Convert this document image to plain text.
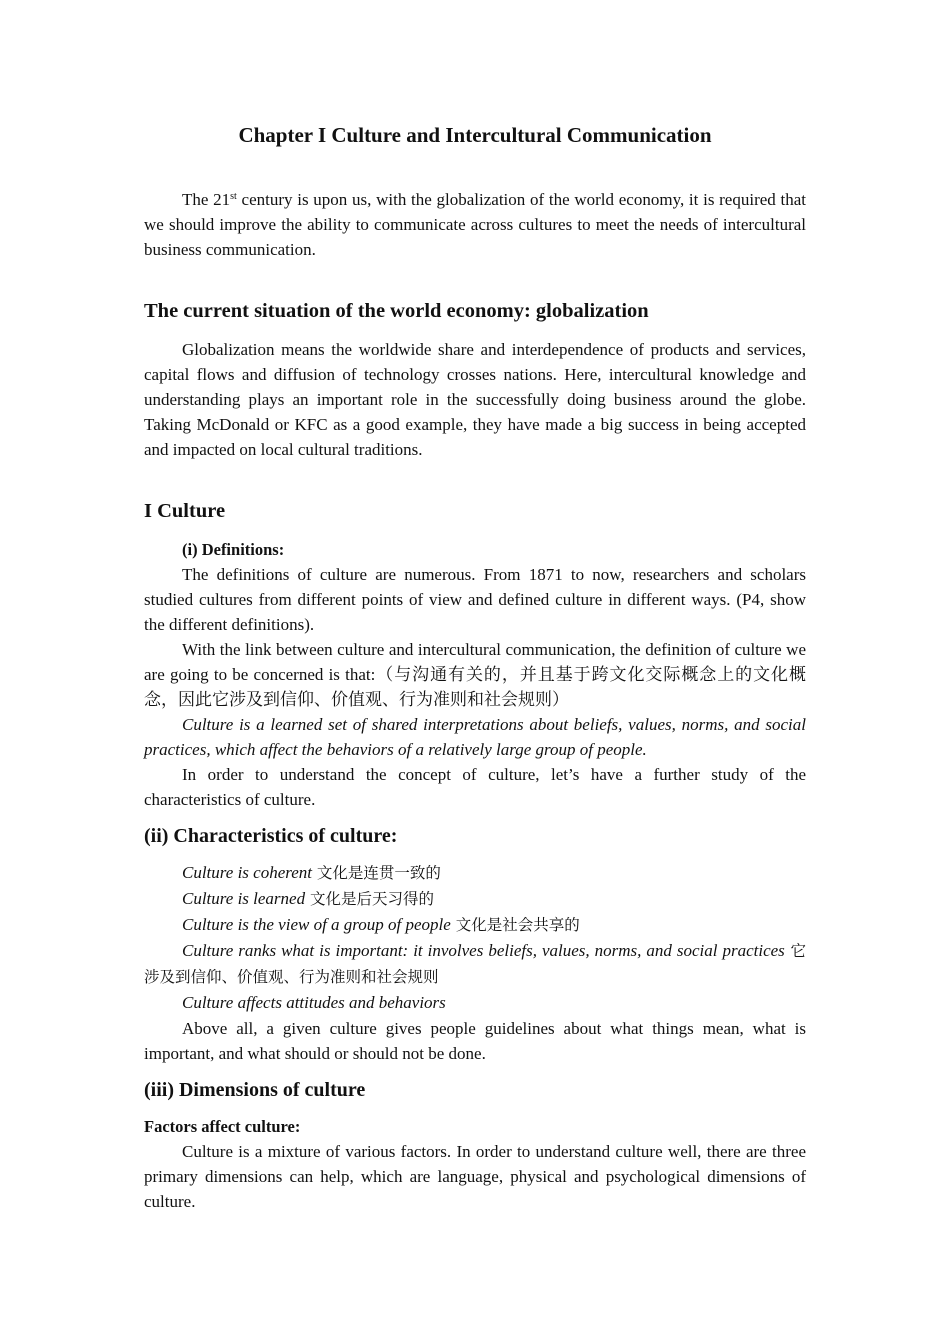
Chapter I Culture and Intercultural Communication

The 21st century is upon us, with the globalization of the world economy, it is required that we should improve the ability to communicate across cultures to meet the needs of intercultural business communication.

The current situation of the world economy: globalization

Globalization means the worldwide share and interdependence of products and services, capital flows and diffusion of technology crosses nations. Here, intercultural knowledge and understanding plays an important role in the successfully doing business around the globe. Taking McDonald or KFC as a good example, they have made a big success in being accepted and impacted on local cultural traditions.

I Culture
(i) Definitions:

The definitions of culture are numerous. From 1871 to now, researchers and scholars studied cultures from different points of view and defined culture in different ways. (P4, show the different definitions).

With the link between culture and intercultural communication, the definition of culture we are going to be concerned is that:（与沟通有关的，并且基于跨文化交际概念上的文化概念，因此它涉及到信仰、价值观、行为准则和社会规则）

Culture is a learned set of shared interpretations about beliefs, values, norms, and social practices, which affect the behaviors of a relatively large group of people.

In order to understand the concept of culture, let’s have a further study of the characteristics of culture.

(ii) Characteristics of culture:

Culture is coherent 文化是连贯一致的

Culture is learned 文化是后天习得的

Culture is the view of a group of people 文化是社会共享的

Culture ranks what is important: it involves beliefs, values, norms, and social practices 它涉及到信仰、价值观、行为准则和社会规则

Culture affects attitudes and behaviors

Above all, a given culture gives people guidelines about what things mean, what is important, and what should or should not be done.

(iii) Dimensions of culture
Factors affect culture:

Culture is a mixture of various factors. In order to understand culture well, there are three primary dimensions can help, which are language, physical and psychological dimensions of culture.
